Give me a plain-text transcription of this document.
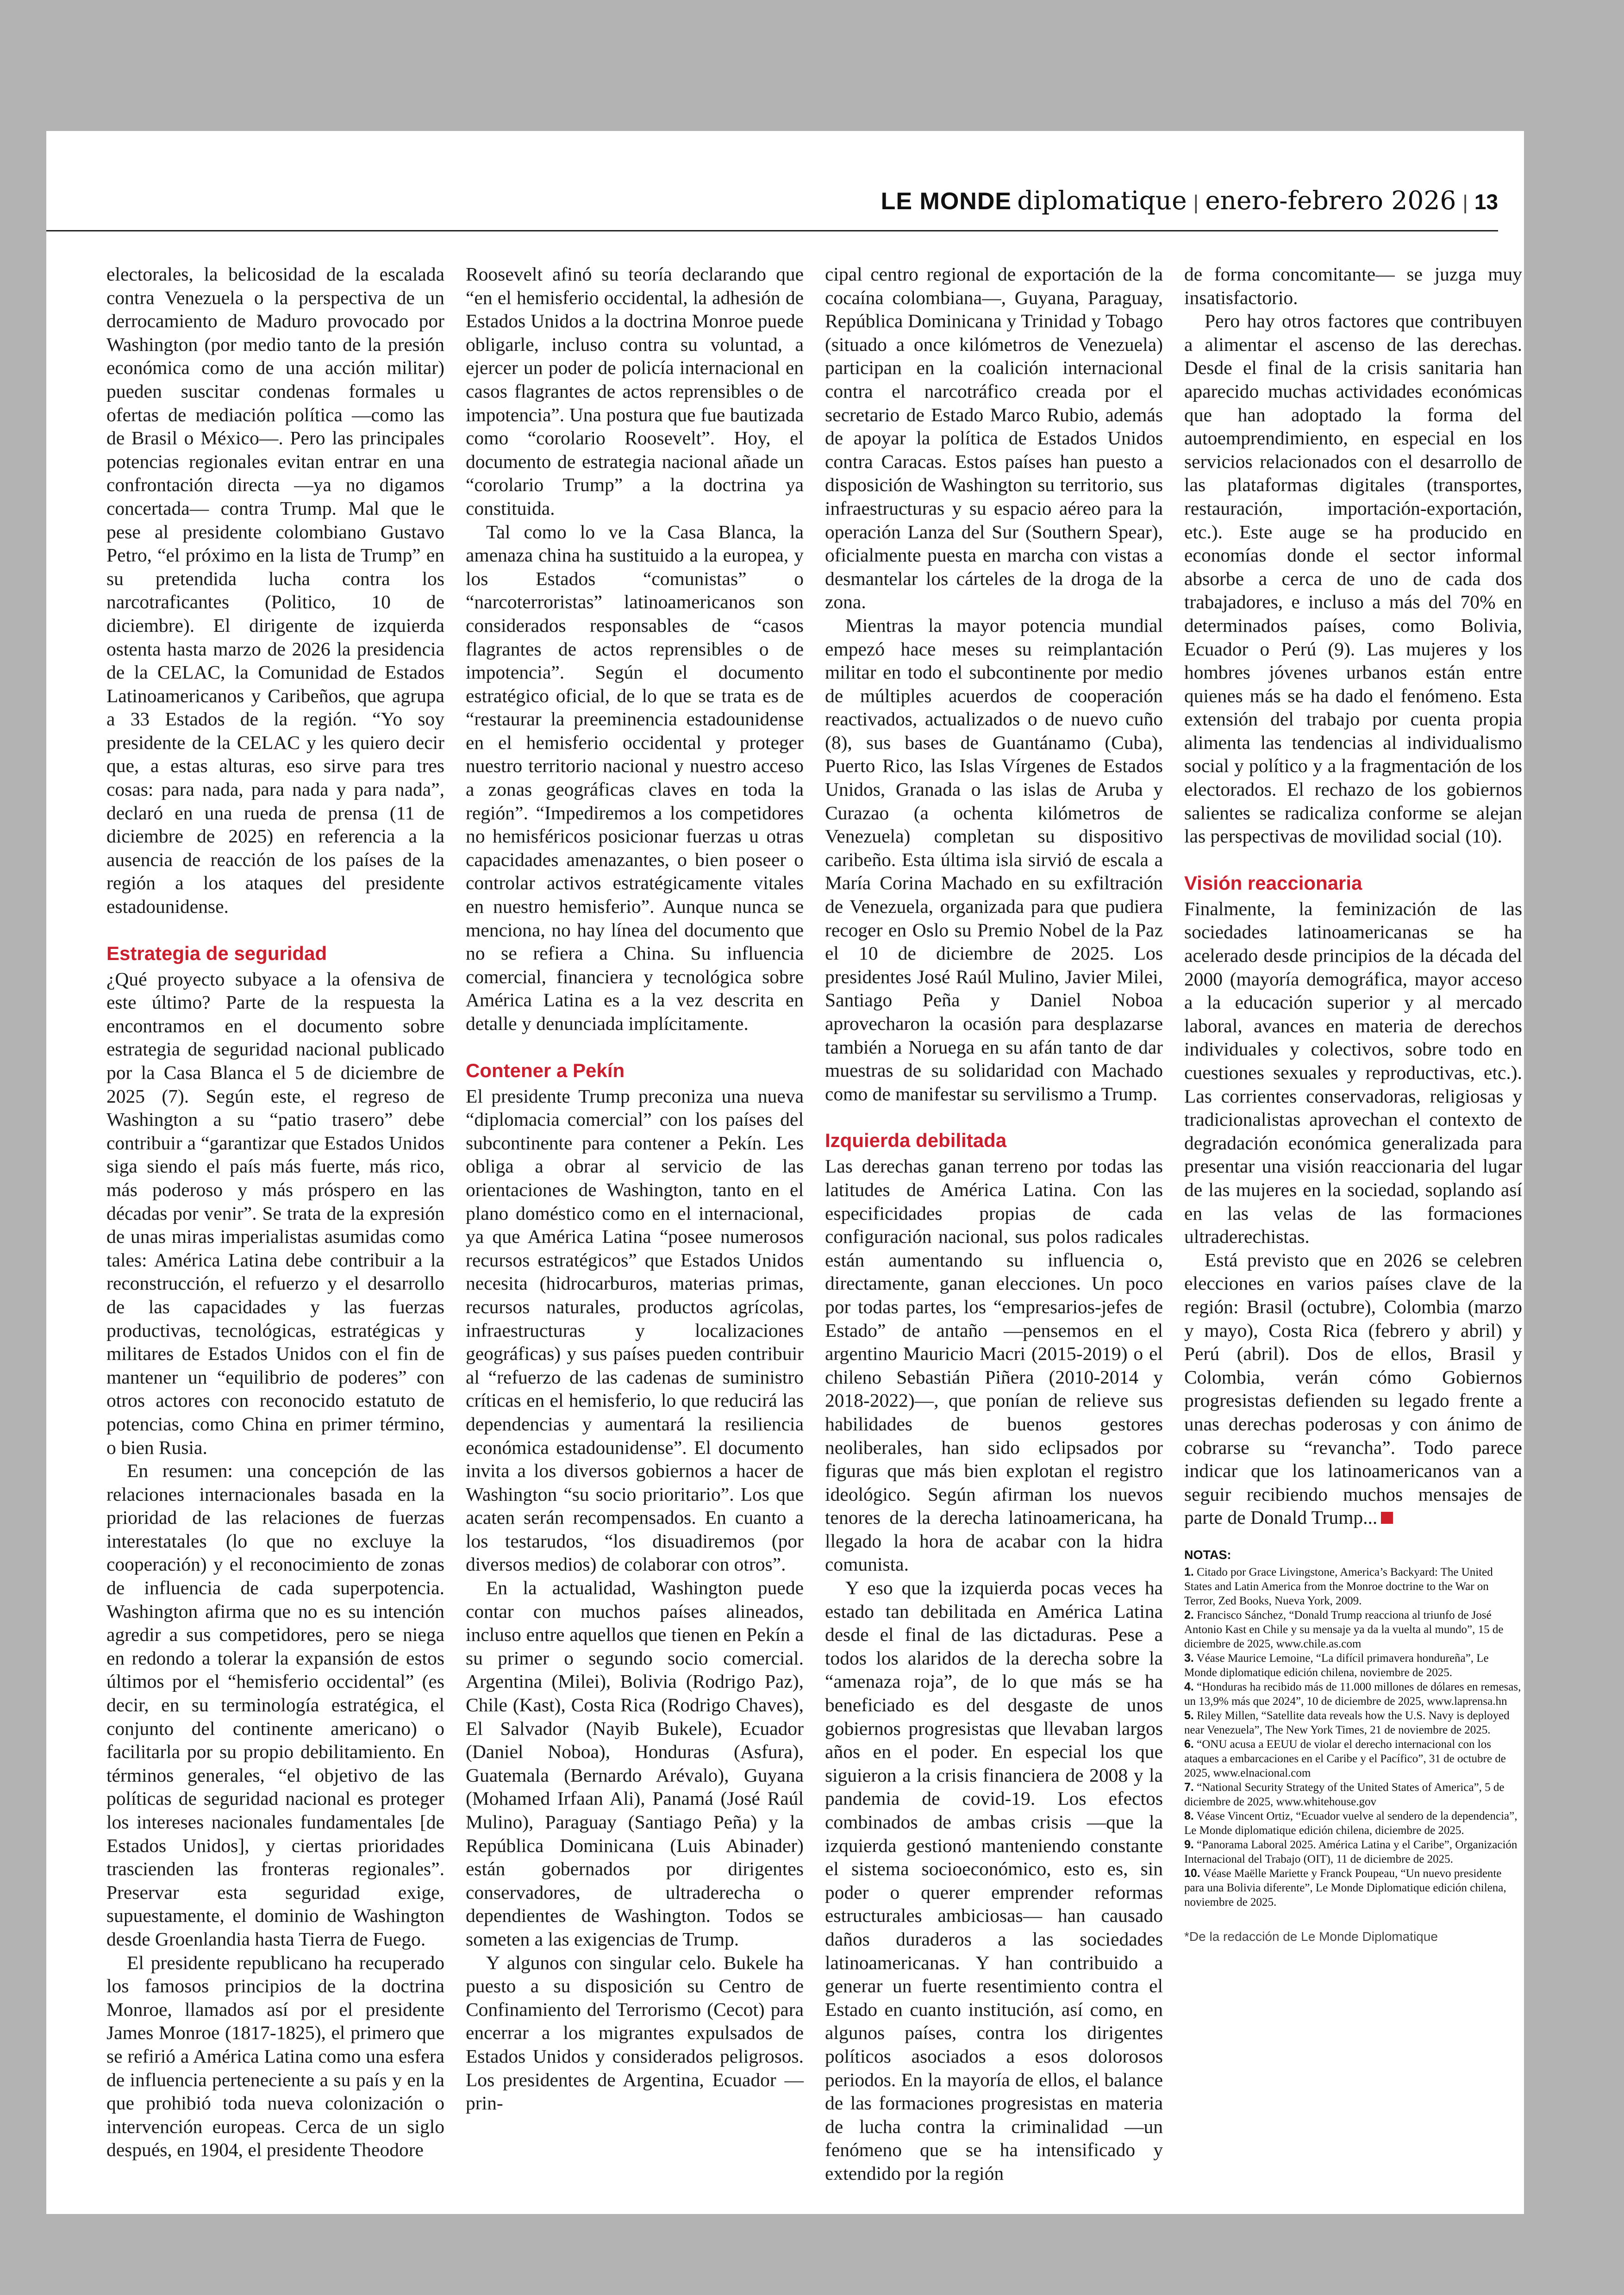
LE MONDE diplomatique | enero-febrero 2026 | 13

electorales, la belicosidad de la escalada contra Venezuela o la perspectiva de un derrocamiento de Maduro provocado por Washington (por medio tanto de la presión económica como de una acción militar) pueden suscitar condenas formales u ofertas de mediación política —como las de Brasil o México—. Pero las principales potencias regionales evitan entrar en una confrontación directa —ya no digamos concertada— contra Trump. Mal que le pese al presidente colombiano Gustavo Petro, “el próximo en la lista de Trump” en su pretendida lucha contra los narcotraficantes (Politico, 10 de diciembre). El dirigente de izquierda ostenta hasta marzo de 2026 la presidencia de la CELAC, la Comunidad de Estados Latinoamericanos y Caribeños, que agrupa a 33 Estados de la región. “Yo soy presidente de la CELAC y les quiero decir que, a estas alturas, eso sirve para tres cosas: para nada, para nada y para nada”, declaró en una rueda de prensa (11 de diciembre de 2025) en referencia a la ausencia de reacción de los países de la región a los ataques del presidente estadounidense.

Estrategia de seguridad

¿Qué proyecto subyace a la ofensiva de este último? Parte de la respuesta la encontramos en el documento sobre estrategia de seguridad nacional publicado por la Casa Blanca el 5 de diciembre de 2025 (7). Según este, el regreso de Washington a su “patio trasero” debe contribuir a “garantizar que Estados Unidos siga siendo el país más fuerte, más rico, más poderoso y más próspero en las décadas por venir”. Se trata de la expresión de unas miras imperialistas asumidas como tales: América Latina debe contribuir a la reconstrucción, el refuerzo y el desarrollo de las capacidades y las fuerzas productivas, tecnológicas, estratégicas y militares de Estados Unidos con el fin de mantener un “equilibrio de poderes” con otros actores con reconocido estatuto de potencias, como China en primer término, o bien Rusia.

En resumen: una concepción de las relaciones internacionales basada en la prioridad de las relaciones de fuerzas interestatales (lo que no excluye la cooperación) y el reconocimiento de zonas de influencia de cada superpotencia. Washington afirma que no es su intención agredir a sus competidores, pero se niega en redondo a tolerar la expansión de estos últimos por el “hemisferio occidental” (es decir, en su terminología estratégica, el conjunto del continente americano) o facilitarla por su propio debilitamiento. En términos generales, “el objetivo de las políticas de seguridad nacional es proteger los intereses nacionales fundamentales [de Estados Unidos], y ciertas prioridades trascienden las fronteras regionales”. Preservar esta seguridad exige, supuestamente, el dominio de Washington desde Groenlandia hasta Tierra de Fuego.

El presidente republicano ha recuperado los famosos principios de la doctrina Monroe, llamados así por el presidente James Monroe (1817-1825), el primero que se refirió a América Latina como una esfera de influencia perteneciente a su país y en la que prohibió toda nueva colonización o intervención europeas. Cerca de un siglo después, en 1904, el presidente Theodore

Roosevelt afinó su teoría declarando que “en el hemisferio occidental, la adhesión de Estados Unidos a la doctrina Monroe puede obligarle, incluso contra su voluntad, a ejercer un poder de policía internacional en casos flagrantes de actos reprensibles o de impotencia”. Una postura que fue bautizada como “corolario Roosevelt”. Hoy, el documento de estrategia nacional añade un “corolario Trump” a la doctrina ya constituida.

Tal como lo ve la Casa Blanca, la amenaza china ha sustituido a la europea, y los Estados “comunistas” o “narcoterroristas” latinoamericanos son considerados responsables de “casos flagrantes de actos reprensibles o de impotencia”. Según el documento estratégico oficial, de lo que se trata es de “restaurar la preeminencia estadounidense en el hemisferio occidental y proteger nuestro territorio nacional y nuestro acceso a zonas geográficas claves en toda la región”. “Impediremos a los competidores no hemisféricos posicionar fuerzas u otras capacidades amenazantes, o bien poseer o controlar activos estratégicamente vitales en nuestro hemisferio”. Aunque nunca se menciona, no hay línea del documento que no se refiera a China. Su influencia comercial, financiera y tecnológica sobre América Latina es a la vez descrita en detalle y denunciada implícitamente.

Contener a Pekín

El presidente Trump preconiza una nueva “diplomacia comercial” con los países del subcontinente para contener a Pekín. Les obliga a obrar al servicio de las orientaciones de Washington, tanto en el plano doméstico como en el internacional, ya que América Latina “posee numerosos recursos estratégicos” que Estados Unidos necesita (hidrocarburos, materias primas, recursos naturales, productos agrícolas, infraestructuras y localizaciones geográficas) y sus países pueden contribuir al “refuerzo de las cadenas de suministro críticas en el hemisferio, lo que reducirá las dependencias y aumentará la resiliencia económica estadounidense”. El documento invita a los diversos gobiernos a hacer de Washington “su socio prioritario”. Los que acaten serán recompensados. En cuanto a los testarudos, “los disuadiremos (por diversos medios) de colaborar con otros”.

En la actualidad, Washington puede contar con muchos países alineados, incluso entre aquellos que tienen en Pekín a su primer o segundo socio comercial. Argentina (Milei), Bolivia (Rodrigo Paz), Chile (Kast), Costa Rica (Rodrigo Chaves), El Salvador (Nayib Bukele), Ecuador (Daniel Noboa), Honduras (Asfura), Guatemala (Bernardo Arévalo), Guyana (Mohamed Irfaan Ali), Panamá (José Raúl Mulino), Paraguay (Santiago Peña) y la República Dominicana (Luis Abinader) están gobernados por dirigentes conservadores, de ultraderecha o dependientes de Washington. Todos se someten a las exigencias de Trump.

Y algunos con singular celo. Bukele ha puesto a su disposición su Centro de Confinamiento del Terrorismo (Cecot) para encerrar a los migrantes expulsados de Estados Unidos y considerados peligrosos. Los presidentes de Argentina, Ecuador —prin-

cipal centro regional de exportación de la cocaína colombiana—, Guyana, Paraguay, República Dominicana y Trinidad y Tobago (situado a once kilómetros de Venezuela) participan en la coalición internacional contra el narcotráfico creada por el secretario de Estado Marco Rubio, además de apoyar la política de Estados Unidos contra Caracas. Estos países han puesto a disposición de Washington su territorio, sus infraestructuras y su espacio aéreo para la operación Lanza del Sur (Southern Spear), oficialmente puesta en marcha con vistas a desmantelar los cárteles de la droga de la zona.

Mientras la mayor potencia mundial empezó hace meses su reimplantación militar en todo el subcontinente por medio de múltiples acuerdos de cooperación reactivados, actualizados o de nuevo cuño (8), sus bases de Guantánamo (Cuba), Puerto Rico, las Islas Vírgenes de Estados Unidos, Granada o las islas de Aruba y Curazao (a ochenta kilómetros de Venezuela) completan su dispositivo caribeño. Esta última isla sirvió de escala a María Corina Machado en su exfiltración de Venezuela, organizada para que pudiera recoger en Oslo su Premio Nobel de la Paz el 10 de diciembre de 2025. Los presidentes José Raúl Mulino, Javier Milei, Santiago Peña y Daniel Noboa aprovecharon la ocasión para desplazarse también a Noruega en su afán tanto de dar muestras de su solidaridad con Machado como de manifestar su servilismo a Trump.

Izquierda debilitada

Las derechas ganan terreno por todas las latitudes de América Latina. Con las especificidades propias de cada configuración nacional, sus polos radicales están aumentando su influencia o, directamente, ganan elecciones. Un poco por todas partes, los “empresarios-jefes de Estado” de antaño —pensemos en el argentino Mauricio Macri (2015-2019) o el chileno Sebastián Piñera (2010-2014 y 2018-2022)—, que ponían de relieve sus habilidades de buenos gestores neoliberales, han sido eclipsados por figuras que más bien explotan el registro ideológico. Según afirman los nuevos tenores de la derecha latinoamericana, ha llegado la hora de acabar con la hidra comunista.

Y eso que la izquierda pocas veces ha estado tan debilitada en América Latina desde el final de las dictaduras. Pese a todos los alaridos de la derecha sobre la “amenaza roja”, de lo que más se ha beneficiado es del desgaste de unos gobiernos progresistas que llevaban largos años en el poder. En especial los que siguieron a la crisis financiera de 2008 y la pandemia de covid-19. Los efectos combinados de ambas crisis —que la izquierda gestionó manteniendo constante el sistema socioeconómico, esto es, sin poder o querer emprender reformas estructurales ambiciosas— han causado daños duraderos a las sociedades latinoamericanas. Y han contribuido a generar un fuerte resentimiento contra el Estado en cuanto institución, así como, en algunos países, contra los dirigentes políticos asociados a esos dolorosos periodos. En la mayoría de ellos, el balance de las formaciones progresistas en materia de lucha contra la criminalidad —un fenómeno que se ha intensificado y extendido por la región

de forma concomitante— se juzga muy insatisfactorio.

Pero hay otros factores que contribuyen a alimentar el ascenso de las derechas. Desde el final de la crisis sanitaria han aparecido muchas actividades económicas que han adoptado la forma del autoemprendimiento, en especial en los servicios relacionados con el desarrollo de las plataformas digitales (transportes, restauración, importación-exportación, etc.). Este auge se ha producido en economías donde el sector informal absorbe a cerca de uno de cada dos trabajadores, e incluso a más del 70% en determinados países, como Bolivia, Ecuador o Perú (9). Las mujeres y los hombres jóvenes urbanos están entre quienes más se ha dado el fenómeno. Esta extensión del trabajo por cuenta propia alimenta las tendencias al individualismo social y político y a la fragmentación de los electorados. El rechazo de los gobiernos salientes se radicaliza conforme se alejan las perspectivas de movilidad social (10).

Visión reaccionaria

Finalmente, la feminización de las sociedades latinoamericanas se ha acelerado desde principios de la década del 2000 (mayoría demográfica, mayor acceso a la educación superior y al mercado laboral, avances en materia de derechos individuales y colectivos, sobre todo en cuestiones sexuales y reproductivas, etc.). Las corrientes conservadoras, religiosas y tradicionalistas aprovechan el contexto de degradación económica generalizada para presentar una visión reaccionaria del lugar de las mujeres en la sociedad, soplando así en las velas de las formaciones ultraderechistas.

Está previsto que en 2026 se celebren elecciones en varios países clave de la región: Brasil (octubre), Colombia (marzo y mayo), Costa Rica (febrero y abril) y Perú (abril). Dos de ellos, Brasil y Colombia, verán cómo Gobiernos progresistas defienden su legado frente a unas derechas poderosas y con ánimo de cobrarse su “revancha”. Todo parece indicar que los latinoamericanos van a seguir recibiendo muchos mensajes de parte de Donald Trump...

NOTAS:
1. Citado por Grace Livingstone, America’s Backyard: The United States and Latin America from the Monroe doctrine to the War on Terror, Zed Books, Nueva York, 2009.
2. Francisco Sánchez, “Donald Trump reacciona al triunfo de José Antonio Kast en Chile y su mensaje ya da la vuelta al mundo”, 15 de diciembre de 2025, www.chile.as.com
3. Véase Maurice Lemoine, “La difícil primavera hondureña”, Le Monde diplomatique edición chilena, noviembre de 2025.
4. “Honduras ha recibido más de 11.000 millones de dólares en remesas, un 13,9% más que 2024”, 10 de diciembre de 2025, www.laprensa.hn
5. Riley Millen, “Satellite data reveals how the U.S. Navy is deployed near Venezuela”, The New York Times, 21 de noviembre de 2025.
6. “ONU acusa a EEUU de violar el derecho internacional con los ataques a embarcaciones en el Caribe y el Pacífico”, 31 de octubre de 2025, www.elnacional.com
7. “National Security Strategy of the United States of America”, 5 de diciembre de 2025, www.whitehouse.gov
8. Véase Vincent Ortiz, “Ecuador vuelve al sendero de la dependencia”, Le Monde diplomatique edición chilena, diciembre de 2025.
9. “Panorama Laboral 2025. América Latina y el Caribe”, Organización Internacional del Trabajo (OIT), 11 de diciembre de 2025.
10. Véase Maëlle Mariette y Franck Poupeau, “Un nuevo presidente para una Bolivia diferente”, Le Monde Diplomatique edición chilena, noviembre de 2025.
*De la redacción de Le Monde Diplomatique
